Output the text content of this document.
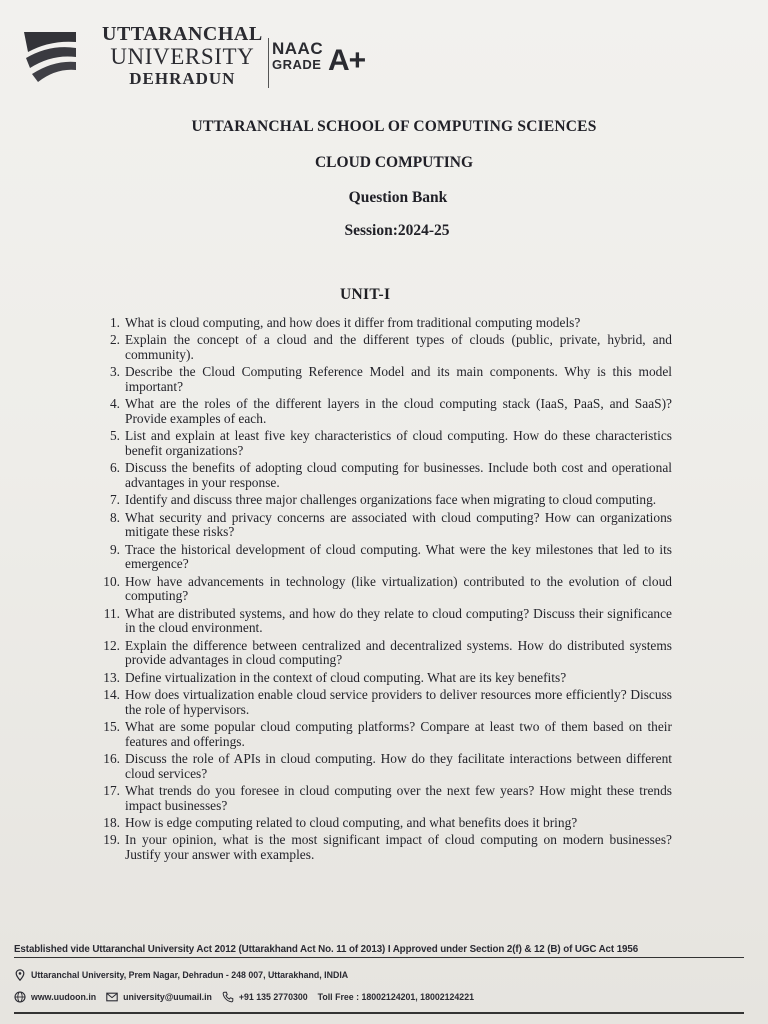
UTTARANCHAL
UNIVERSITY
DEHRADUN
NAAC
GRADE A+
UTTARANCHAL SCHOOL OF COMPUTING SCIENCES
CLOUD COMPUTING
Question Bank
Session:2024-25
UNIT-I
1. What is cloud computing, and how does it differ from traditional computing models?
2. Explain the concept of a cloud and the different types of clouds (public, private, hybrid, and community).
3. Describe the Cloud Computing Reference Model and its main components. Why is this model important?
4. What are the roles of the different layers in the cloud computing stack (IaaS, PaaS, and SaaS)? Provide examples of each.
5. List and explain at least five key characteristics of cloud computing. How do these characteristics benefit organizations?
6. Discuss the benefits of adopting cloud computing for businesses. Include both cost and operational advantages in your response.
7. Identify and discuss three major challenges organizations face when migrating to cloud computing.
8. What security and privacy concerns are associated with cloud computing? How can organizations mitigate these risks?
9. Trace the historical development of cloud computing. What were the key milestones that led to its emergence?
10. How have advancements in technology (like virtualization) contributed to the evolution of cloud computing?
11. What are distributed systems, and how do they relate to cloud computing? Discuss their significance in the cloud environment.
12. Explain the difference between centralized and decentralized systems. How do distributed systems provide advantages in cloud computing?
13. Define virtualization in the context of cloud computing. What are its key benefits?
14. How does virtualization enable cloud service providers to deliver resources more efficiently? Discuss the role of hypervisors.
15. What are some popular cloud computing platforms? Compare at least two of them based on their features and offerings.
16. Discuss the role of APIs in cloud computing. How do they facilitate interactions between different cloud services?
17. What trends do you foresee in cloud computing over the next few years? How might these trends impact businesses?
18. How is edge computing related to cloud computing, and what benefits does it bring?
19. In your opinion, what is the most significant impact of cloud computing on modern businesses? Justify your answer with examples.
Established vide Uttaranchal University Act 2012 (Uttarakhand Act No. 11 of 2013) I Approved under Section 2(f) & 12 (B) of UGC Act 1956
Uttaranchal University, Prem Nagar, Dehradun - 248 007, Uttarakhand, INDIA
www.uudoon.in	university@uumail.in	+91 135 2770300 Toll Free : 18002124201, 18002124221
